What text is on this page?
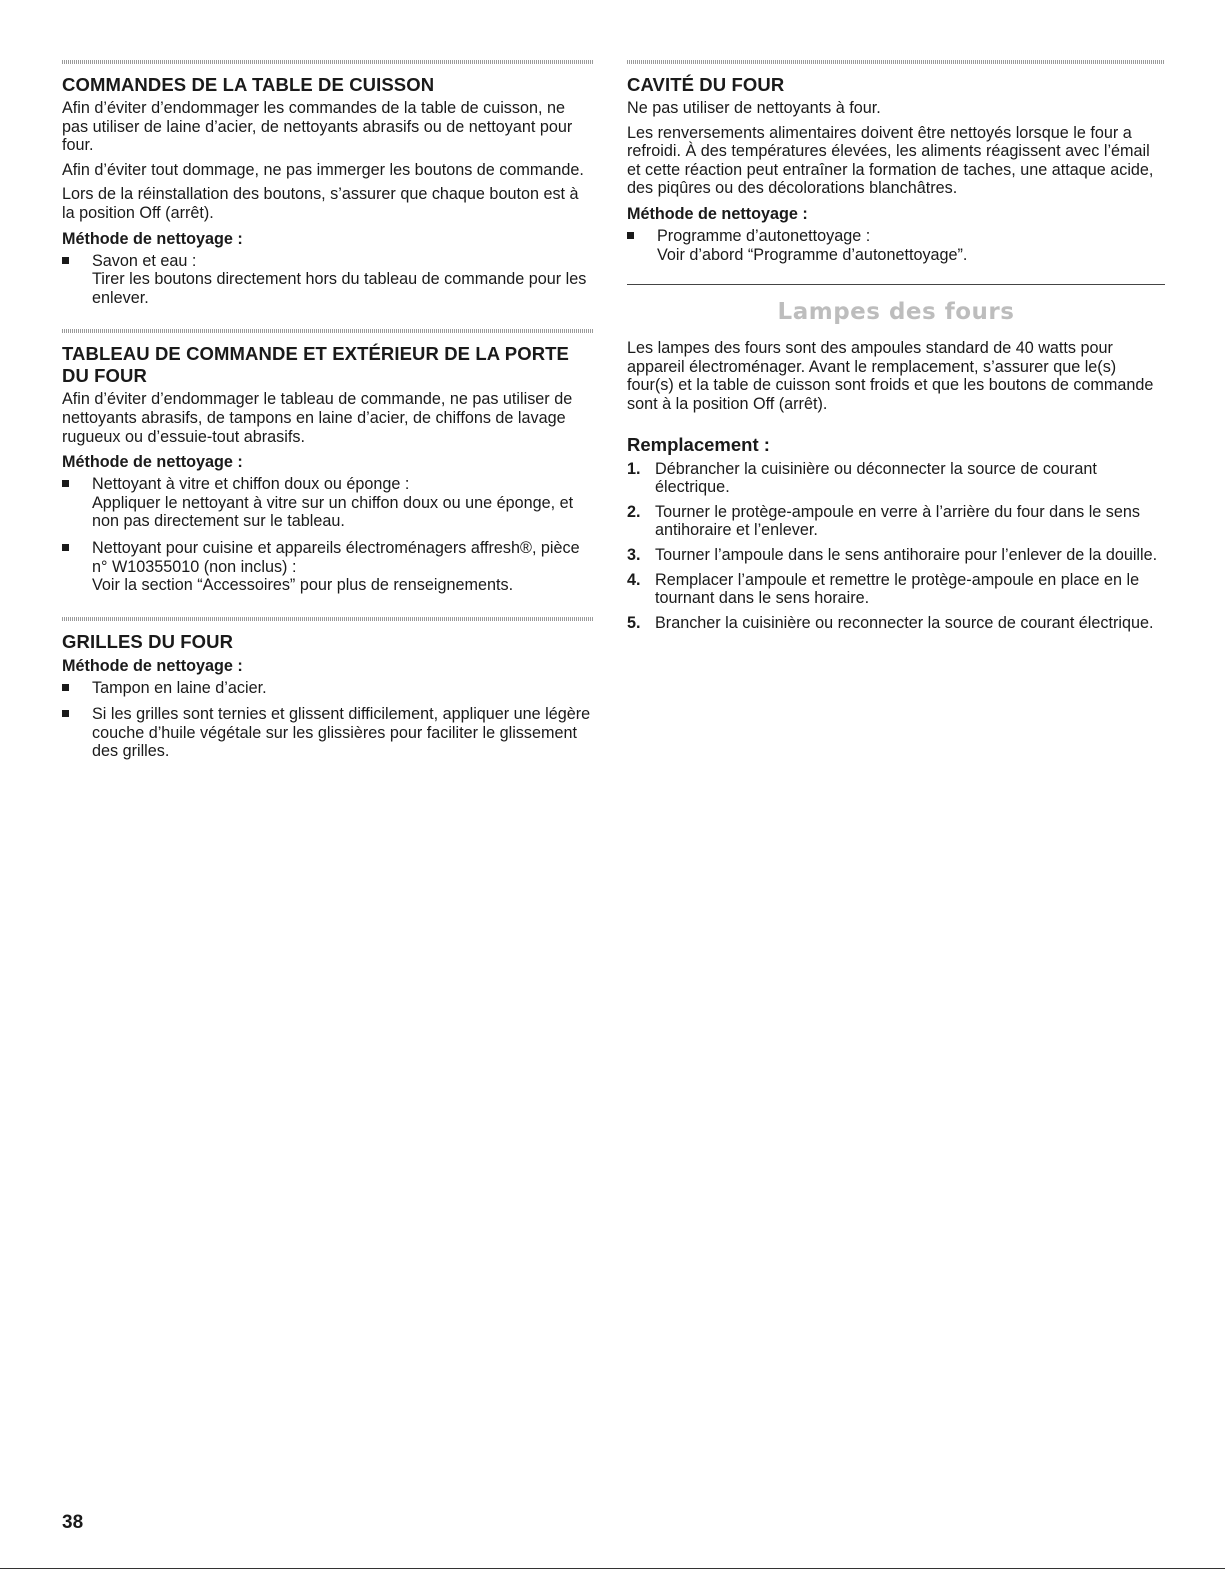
COMMANDES DE LA TABLE DE CUISSON

Afin d’éviter d’endommager les commandes de la table de cuisson, ne pas utiliser de laine d’acier, de nettoyants abrasifs ou de nettoyant pour four.

Afin d’éviter tout dommage, ne pas immerger les boutons de commande.

Lors de la réinstallation des boutons, s’assurer que chaque bouton est à la position Off (arrêt).

Méthode de nettoyage :
Savon et eau :
Tirer les boutons directement hors du tableau de commande pour les enlever.
TABLEAU DE COMMANDE ET EXTÉRIEUR DE LA PORTE DU FOUR

Afin d’éviter d’endommager le tableau de commande, ne pas utiliser de nettoyants abrasifs, de tampons en laine d’acier, de chiffons de lavage rugueux ou d’essuie-tout abrasifs.

Méthode de nettoyage :
Nettoyant à vitre et chiffon doux ou éponge :
Appliquer le nettoyant à vitre sur un chiffon doux ou une éponge, et non pas directement sur le tableau.
Nettoyant pour cuisine et appareils électroménagers affresh®, pièce n° W10355010 (non inclus) :
Voir la section “Accessoires” pour plus de renseignements.
GRILLES DU FOUR
Méthode de nettoyage :
Tampon en laine d’acier.
Si les grilles sont ternies et glissent difficilement, appliquer une légère couche d’huile végétale sur les glissières pour faciliter le glissement des grilles.
CAVITÉ DU FOUR

Ne pas utiliser de nettoyants à four.

Les renversements alimentaires doivent être nettoyés lorsque le four a refroidi. À des températures élevées, les aliments réagissent avec l’émail et cette réaction peut entraîner la formation de taches, une attaque acide, des piqûres ou des décolorations blanchâtres.

Méthode de nettoyage :
Programme d’autonettoyage :
Voir d’abord “Programme d’autonettoyage”.
Lampes des fours

Les lampes des fours sont des ampoules standard de 40 watts pour appareil électroménager. Avant le remplacement, s’assurer que le(s) four(s) et la table de cuisson sont froids et que les boutons de commande sont à la position Off (arrêt).

Remplacement :
1. Débrancher la cuisinière ou déconnecter la source de courant électrique.
2. Tourner le protège-ampoule en verre à l’arrière du four dans le sens antihoraire et l’enlever.
3. Tourner l’ampoule dans le sens antihoraire pour l’enlever de la douille.
4. Remplacer l’ampoule et remettre le protège-ampoule en place en le tournant dans le sens horaire.
5. Brancher la cuisinière ou reconnecter la source de courant électrique.
38
